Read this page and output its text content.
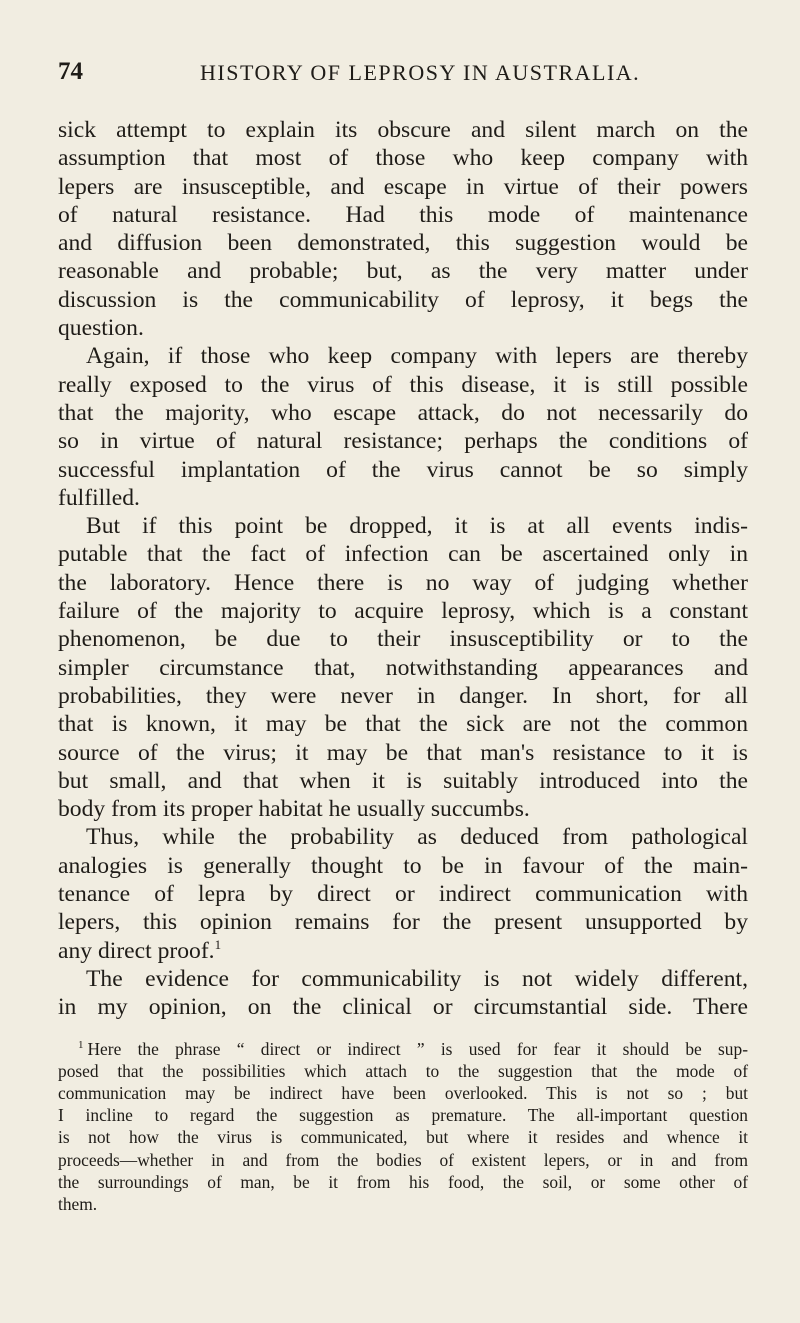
74	HISTORY OF LEPROSY IN AUSTRALIA.
sick attempt to explain its obscure and silent march on the
assumption that most of those who keep company with
lepers are insusceptible, and escape in virtue of their powers
of natural resistance. Had this mode of maintenance
and diffusion been demonstrated, this suggestion would be
reasonable and probable; but, as the very matter under
discussion is the communicability of leprosy, it begs the
question.
Again, if those who keep company with lepers are thereby
really exposed to the virus of this disease, it is still possible
that the majority, who escape attack, do not necessarily do
so in virtue of natural resistance; perhaps the conditions of
successful implantation of the virus cannot be so simply
fulfilled.
But if this point be dropped, it is at all events indis-
putable that the fact of infection can be ascertained only in
the laboratory. Hence there is no way of judging whether
failure of the majority to acquire leprosy, which is a constant
phenomenon, be due to their insusceptibility or to the
simpler circumstance that, notwithstanding appearances and
probabilities, they were never in danger. In short, for all
that is known, it may be that the sick are not the common
source of the virus; it may be that man's resistance to it is
but small, and that when it is suitably introduced into the
body from its proper habitat he usually succumbs.
Thus, while the probability as deduced from pathological
analogies is generally thought to be in favour of the main-
tenance of lepra by direct or indirect communication with
lepers, this opinion remains for the present unsupported by
any direct proof.$^1$
The evidence for communicability is not widely different,
in my opinion, on the clinical or circumstantial side. There
$^1$ Here the phrase “ direct or indirect ” is used for fear it should be sup-
posed that the possibilities which attach to the suggestion that the mode of
communication may be indirect have been overlooked. This is not so ; but
I incline to regard the suggestion as premature. The all-important question
is not how the virus is communicated, but where it resides and whence it
proceeds—whether in and from the bodies of existent lepers, or in and from
the surroundings of man, be it from his food, the soil, or some other of
them.
